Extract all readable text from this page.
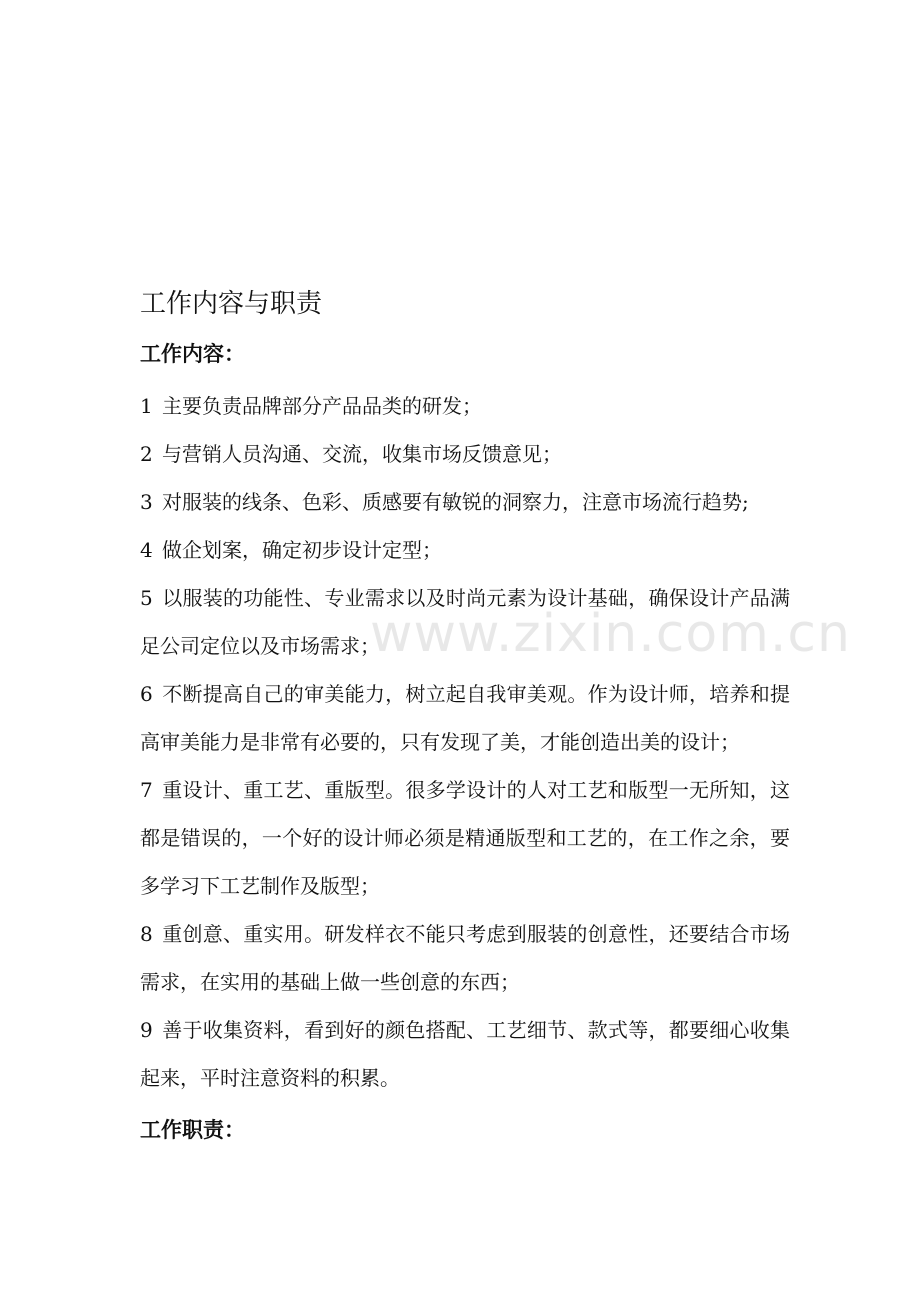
工作内容与职责
工作内容：

1 主要负责品牌部分产品品类的研发；

2 与营销人员沟通、交流，收集市场反馈意见；

3 对服装的线条、色彩、质感要有敏锐的洞察力，注意市场流行趋势;

4 做企划案，确定初步设计定型；

5 以服装的功能性、专业需求以及时尚元素为设计基础，确保设计产品满足公司定位以及市场需求；

6 不断提高自己的审美能力，树立起自我审美观。作为设计师，培养和提高审美能力是非常有必要的，只有发现了美，才能创造出美的设计；

7 重设计、重工艺、重版型。很多学设计的人对工艺和版型一无所知，这都是错误的，一个好的设计师必须是精通版型和工艺的，在工作之余，要多学习下工艺制作及版型；

8 重创意、重实用。研发样衣不能只考虑到服装的创意性，还要结合市场需求，在实用的基础上做一些创意的东西；

9 善于收集资料，看到好的颜色搭配、工艺细节、款式等，都要细心收集起来，平时注意资料的积累。

工作职责：
www.zixin.com.cn
